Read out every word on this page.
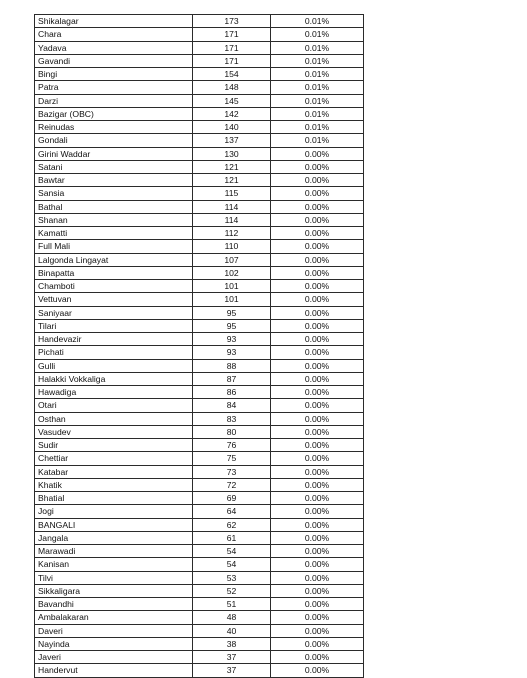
Shikalagar	173	0.01%
Chara	171	0.01%
Yadava	171	0.01%
Gavandi	171	0.01%
Bingi	154	0.01%
Patra	148	0.01%
Darzi	145	0.01%
Bazigar (OBC)	142	0.01%
Reinudas	140	0.01%
Gondali	137	0.01%
Girini Waddar	130	0.00%
Satani	121	0.00%
Bawtar	121	0.00%
Sansia	115	0.00%
Bathal	114	0.00%
Shanan	114	0.00%
Kamatti	112	0.00%
Full Mali	110	0.00%
Lalgonda Lingayat	107	0.00%
Binapatta	102	0.00%
Chamboti	101	0.00%
Vettuvan	101	0.00%
Saniyaar	95	0.00%
Tilari	95	0.00%
Handevazir	93	0.00%
Pichati	93	0.00%
Gulli	88	0.00%
Halakki Vokkaliga	87	0.00%
Hawadiga	86	0.00%
Otari	84	0.00%
Osthan	83	0.00%
Vasudev	80	0.00%
Sudir	76	0.00%
Chettiar	75	0.00%
Katabar	73	0.00%
Khatik	72	0.00%
Bhatial	69	0.00%
Jogi	64	0.00%
BANGALI	62	0.00%
Jangala	61	0.00%
Marawadi	54	0.00%
Kanisan	54	0.00%
Tilvi	53	0.00%
Sikkaligara	52	0.00%
Bavandhi	51	0.00%
Ambalakaran	48	0.00%
Daveri	40	0.00%
Nayinda	38	0.00%
Javeri	37	0.00%
Handervut	37	0.00%
